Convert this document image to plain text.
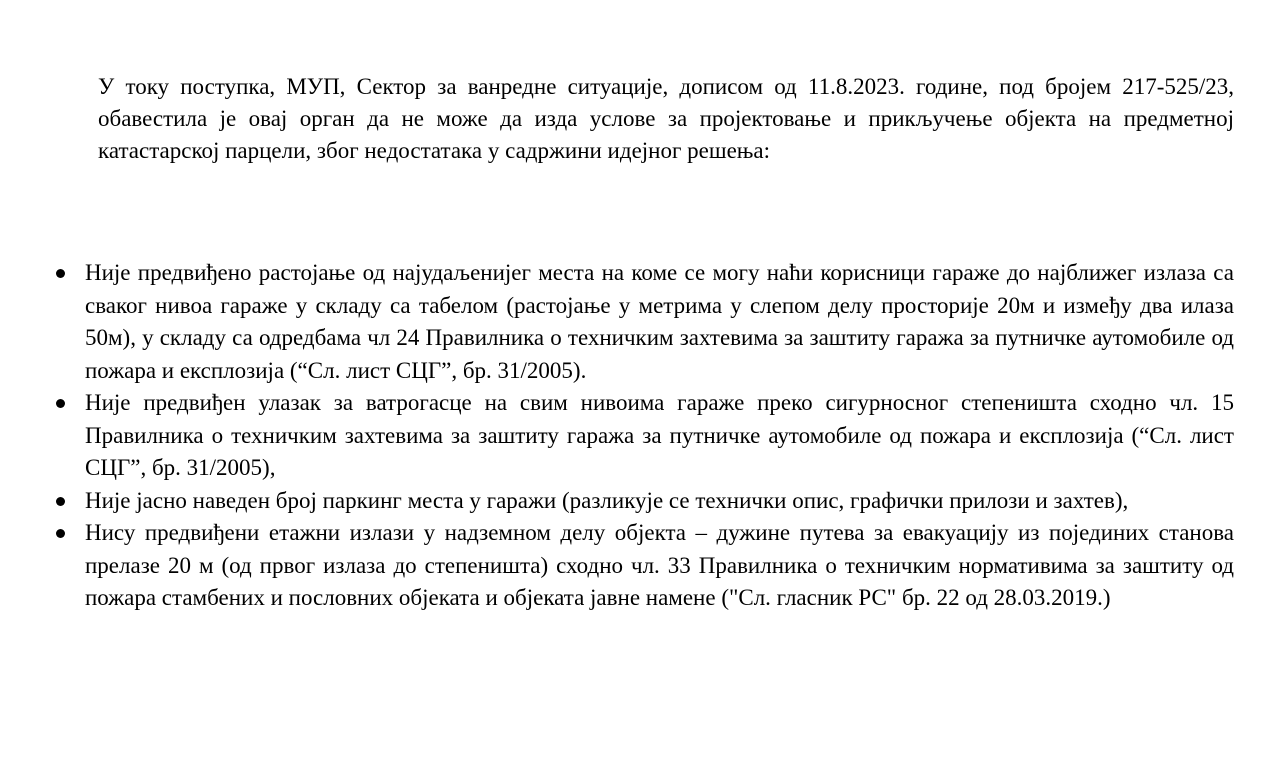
У току поступка, МУП, Сектор за ванредне ситуације, дописом од 11.8.2023. године, под бројем 217-525/23, обавестила је овај орган да не може да изда услове за пројектовање и прикључење објекта на предметној катастарској парцели, због недостатака у садржини идејног решења:

Није предвиђено растојање од најудаљенијег места на коме се могу наћи корисници гараже до најближег излаза са сваког нивоа гараже у складу са табелом (растојање у метрима у слепом делу просторије 20м и између два илаза 50м), у складу са одредбама чл 24 Правилника о техничким захтевима за заштиту гаража за путничке аутомобиле од пожара и експлозија (“Сл. лист СЦГ”, бр. 31/2005).
Није предвиђен улазак за ватрогасце на свим нивоима гараже преко сигурносног степеништа сходно чл. 15 Правилника о техничким захтевима за заштиту гаража за путничке аутомобиле од пожара и експлозија (“Сл. лист СЦГ”, бр. 31/2005),
Није јасно наведен број паркинг места у гаражи (разликује се технички опис, графички прилози и захтев),
Нису предвиђени етажни излази у надземном делу објекта – дужине путева за евакуацију из појединих станова прелазе 20 м (од првог излаза до степеништа) сходно чл. 33 Правилника о техничким нормативима за заштиту од пожара стамбених и пословних објеката и објеката јавне намене ("Сл. гласник РС" бр. 22 од 28.03.2019.)
